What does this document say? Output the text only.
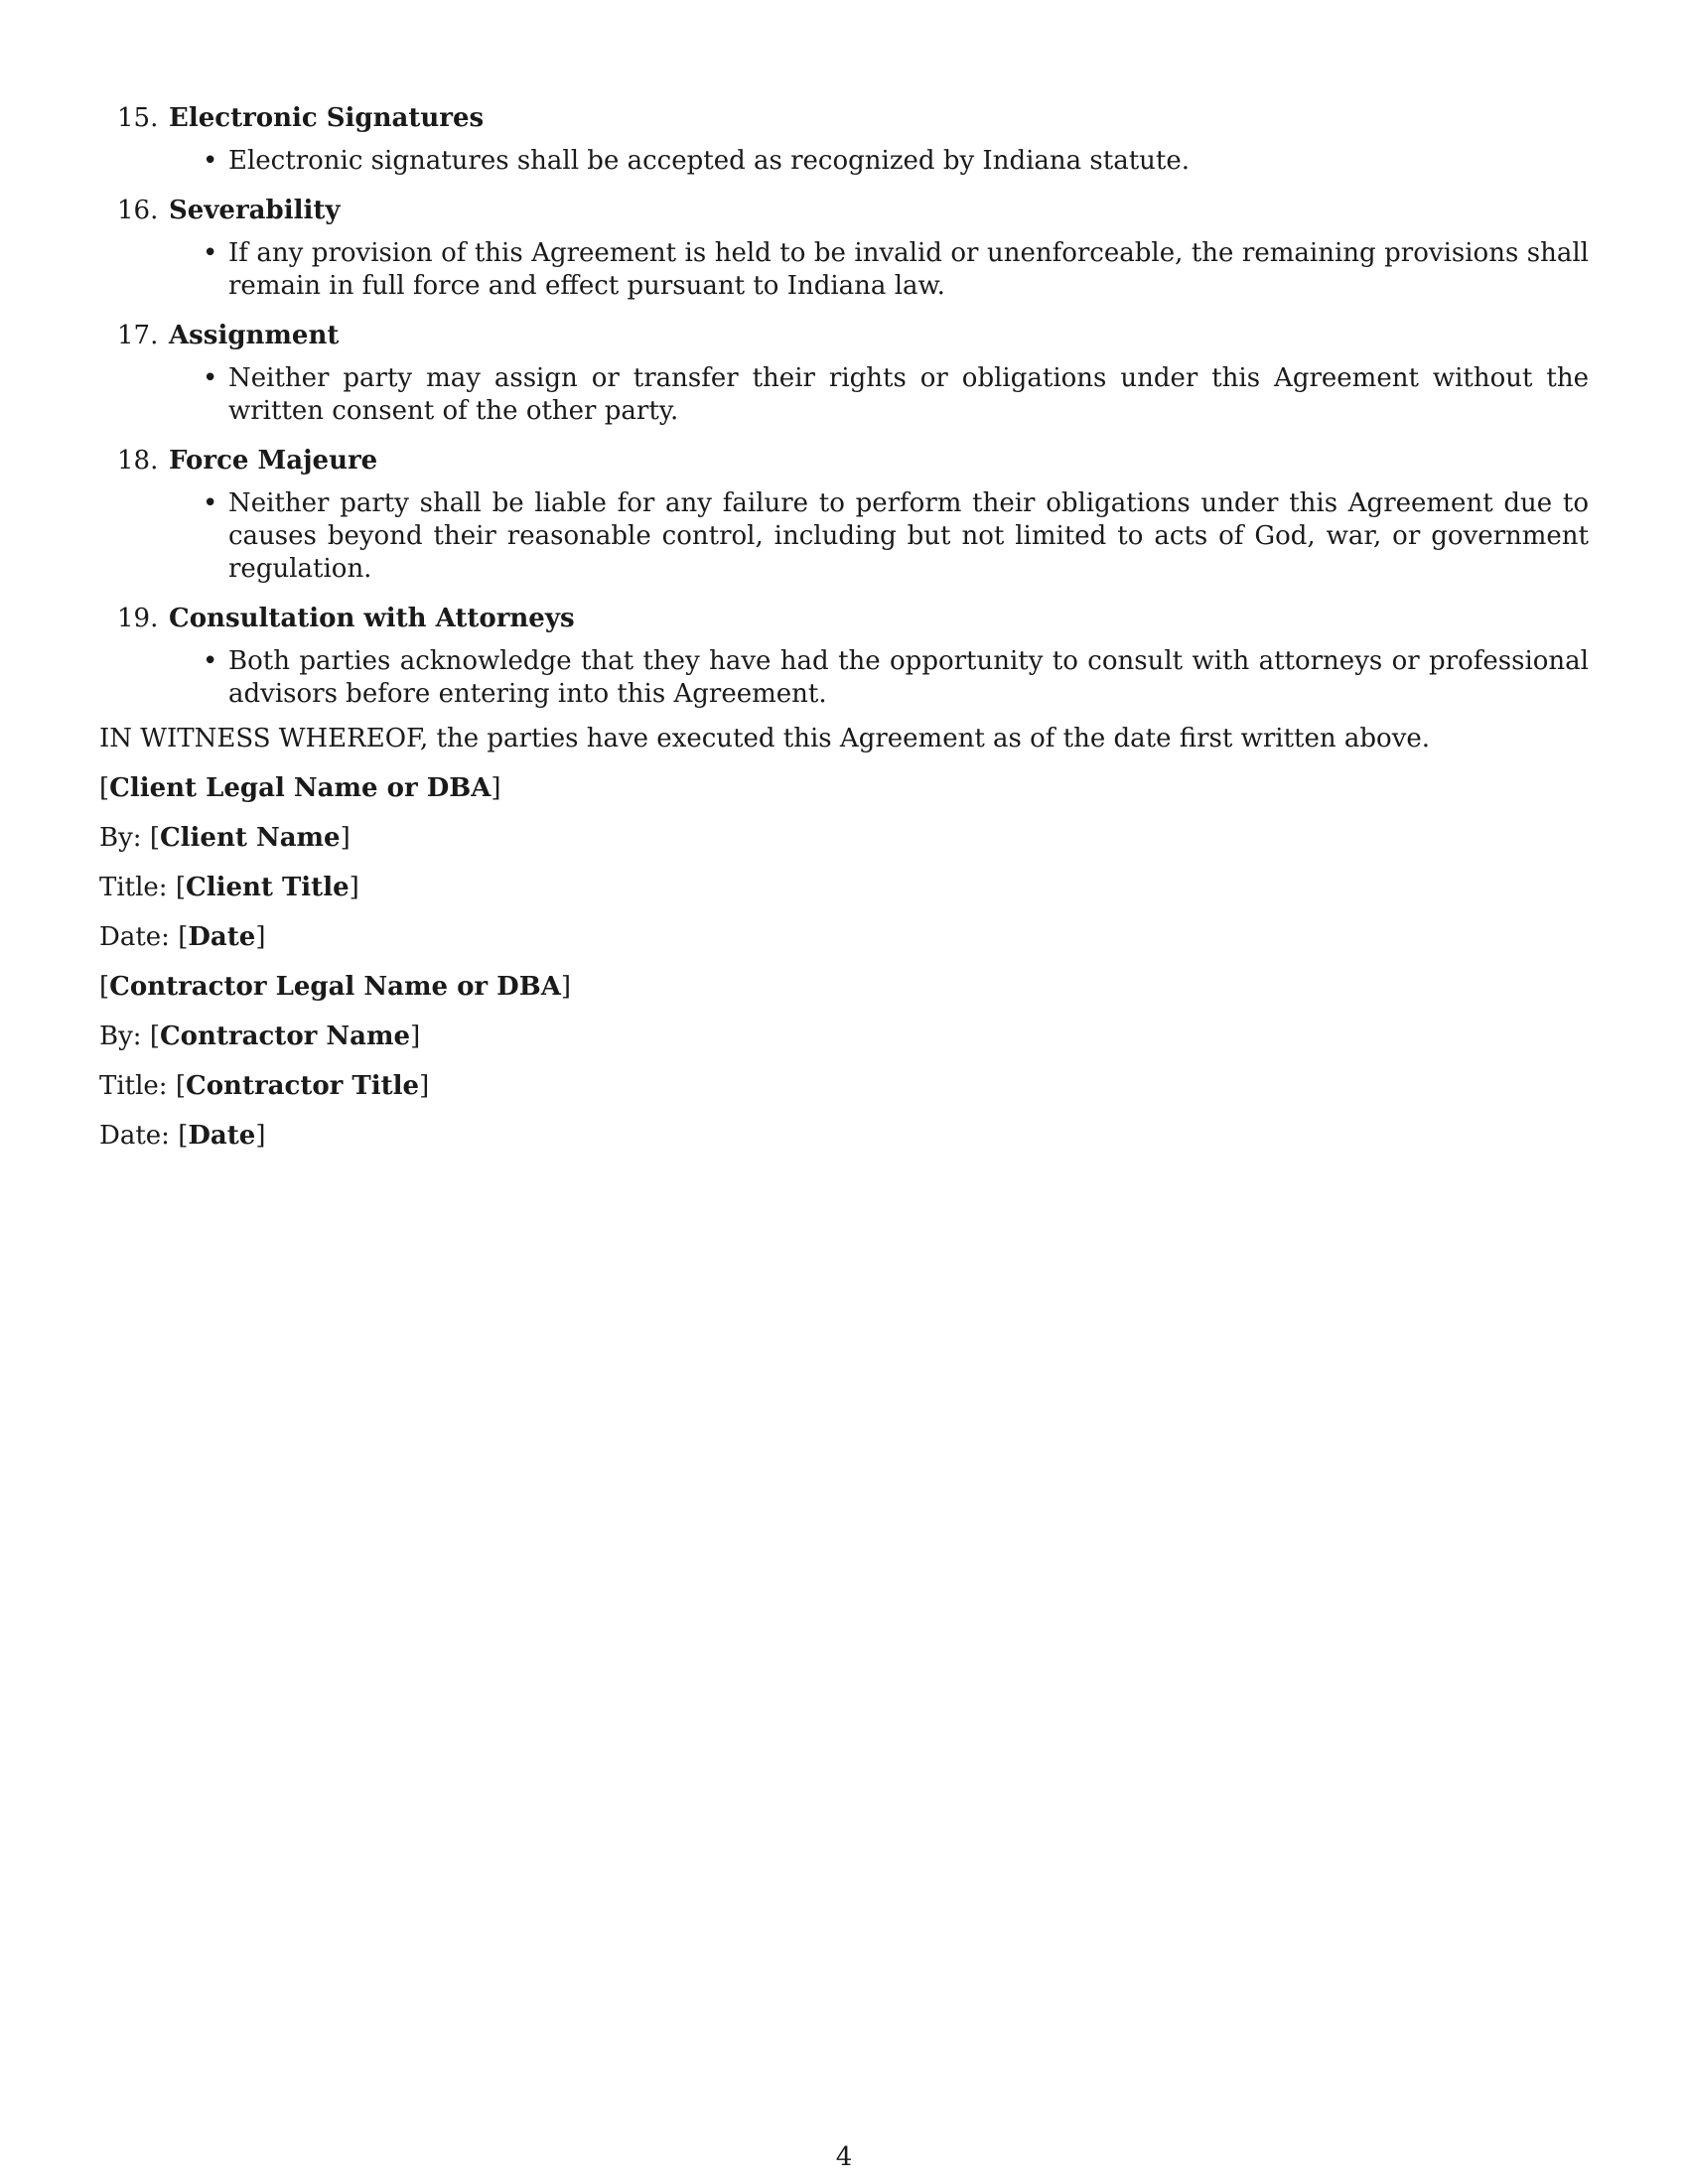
15. Electronic Signatures
• Electronic signatures shall be accepted as recognized by Indiana statute.
16. Severability
• If any provision of this Agreement is held to be invalid or unenforceable, the remaining provisions shall remain in full force and effect pursuant to Indiana law.
17. Assignment
• Neither party may assign or transfer their rights or obligations under this Agreement without the written consent of the other party.
18. Force Majeure
• Neither party shall be liable for any failure to perform their obligations under this Agreement due to causes beyond their reasonable control, including but not limited to acts of God, war, or government regulation.
19. Consultation with Attorneys
• Both parties acknowledge that they have had the opportunity to consult with attorneys or professional advisors before entering into this Agreement.

IN WITNESS WHEREOF, the parties have executed this Agreement as of the date first written above.

[Client Legal Name or DBA]
By: [Client Name]
Title: [Client Title]
Date: [Date]
[Contractor Legal Name or DBA]
By: [Contractor Name]
Title: [Contractor Title]
Date: [Date]
4
